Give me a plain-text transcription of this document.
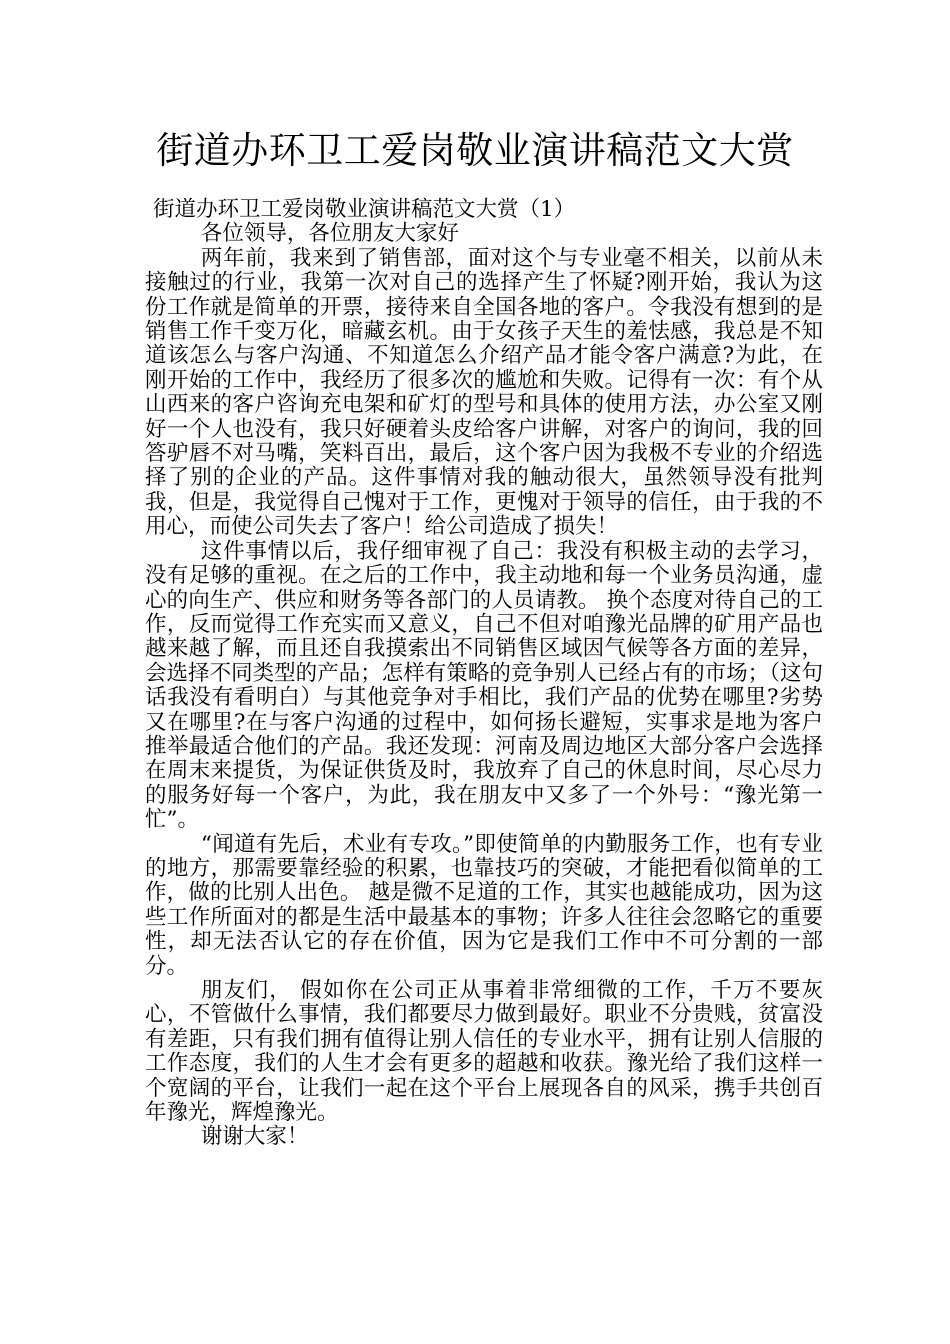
街道办环卫工爱岗敬业演讲稿范文大赏
街道办环卫工爱岗敬业演讲稿范文大赏（1）

各位领导，各位朋友大家好

两年前，我来到了销售部，面对这个与专业毫不相关，以前从未接触过的行业，我第一次对自己的选择产生了怀疑?刚开始，我认为这份工作就是简单的开票，接待来自全国各地的客户。令我没有想到的是销售工作千变万化，暗藏玄机。由于女孩子天生的羞怯感，我总是不知道该怎么与客户沟通、不知道怎么介绍产品才能令客户满意?为此，在刚开始的工作中，我经历了很多次的尴尬和失败。记得有一次：有个从山西来的客户咨询充电架和矿灯的型号和具体的使用方法，办公室又刚好一个人也没有，我只好硬着头皮给客户讲解，对客户的询问，我的回答驴唇不对马嘴，笑料百出，最后，这个客户因为我极不专业的介绍选择了别的企业的产品。这件事情对我的触动很大，虽然领导没有批判我，但是，我觉得自己愧对于工作，更愧对于领导的信任，由于我的不用心，而使公司失去了客户！给公司造成了损失！

这件事情以后，我仔细审视了自己：我没有积极主动的去学习，没有足够的重视。在之后的工作中，我主动地和每一个业务员沟通，虚心的向生产、供应和财务等各部门的人员请教。 换个态度对待自己的工作，反而觉得工作充实而又意义，自己不但对咱豫光品牌的矿用产品也越来越了解，而且还自我摸索出不同销售区域因气候等各方面的差异，会选择不同类型的产品；怎样有策略的竞争别人已经占有的市场；（这句话我没有看明白）与其他竞争对手相比，我们产品的优势在哪里?劣势又在哪里?在与客户沟通的过程中，如何扬长避短，实事求是地为客户推举最适合他们的产品。我还发现：河南及周边地区大部分客户会选择在周末来提货，为保证供货及时，我放弃了自己的休息时间，尽心尽力的服务好每一个客户，为此，我在朋友中又多了一个外号：“豫光第一忙”。

“闻道有先后，术业有专攻。”即使简单的内勤服务工作，也有专业的地方，那需要靠经验的积累，也靠技巧的突破，才能把看似简单的工作，做的比别人出色。 越是微不足道的工作，其实也越能成功，因为这些工作所面对的都是生活中最基本的事物；许多人往往会忽略它的重要性，却无法否认它的存在价值，因为它是我们工作中不可分割的一部分。

朋友们， 假如你在公司正从事着非常细微的工作，千万不要灰心，不管做什么事情，我们都要尽力做到最好。职业不分贵贱，贫富没有差距，只有我们拥有值得让别人信任的专业水平，拥有让别人信服的工作态度，我们的人生才会有更多的超越和收获。豫光给了我们这样一个宽阔的平台，让我们一起在这个平台上展现各自的风采，携手共创百年豫光，辉煌豫光。

谢谢大家！
